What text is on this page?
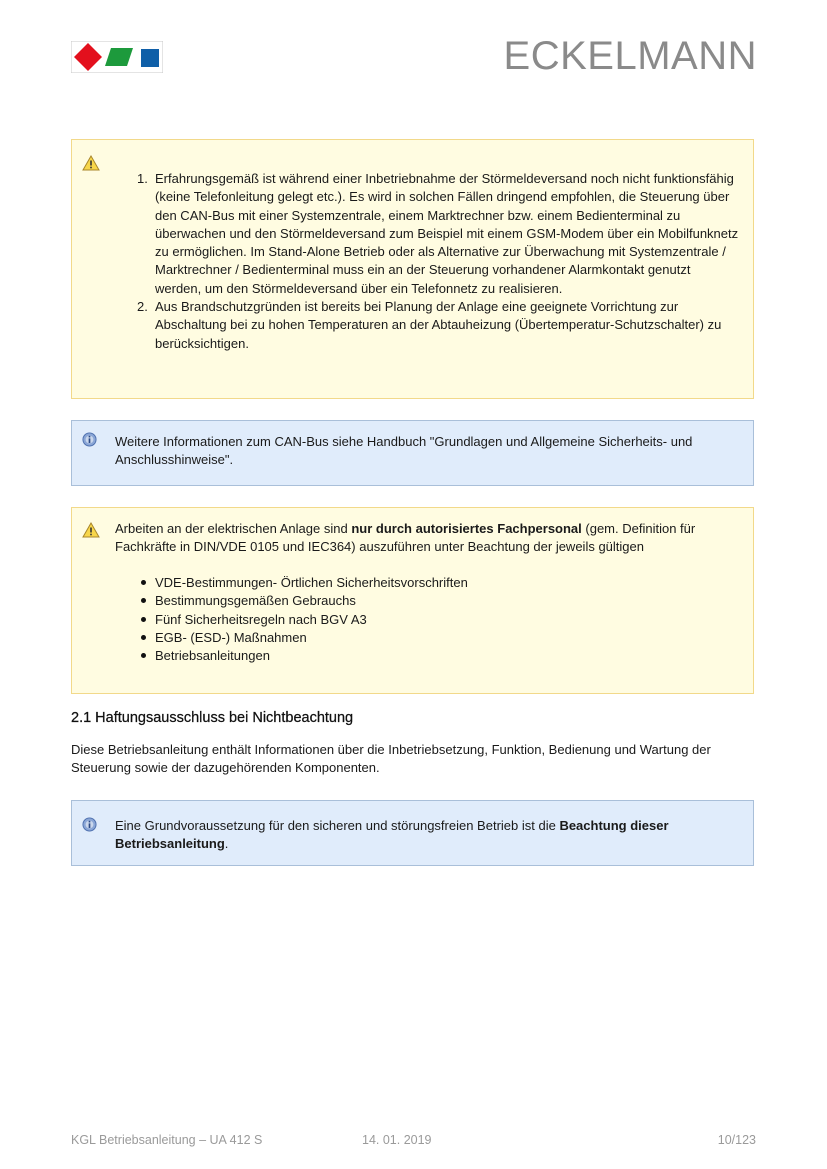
ECKELMANN
1. Erfahrungsgemäß ist während einer Inbetriebnahme der Störmeldeversand noch nicht funktionsfähig (keine Telefonleitung gelegt etc.). Es wird in solchen Fällen dringend empfohlen, die Steuerung über den CAN-Bus mit einer Systemzentrale, einem Marktrechner bzw. einem Bedienterminal zu überwachen und den Störmeldeversand zum Beispiel mit einem GSM-Modem über ein Mobilfunknetz zu ermöglichen. Im Stand-Alone Betrieb oder als Alternative zur Überwachung mit Systemzentrale / Marktrechner / Bedienterminal muss ein an der Steuerung vorhandener Alarmkontakt genutzt werden, um den Störmeldeversand über ein Telefonnetz zu realisieren.
2. Aus Brandschutzgründen ist bereits bei Planung der Anlage eine geeignete Vorrichtung zur Abschaltung bei zu hohen Temperaturen an der Abtauheizung (Übertemperatur-Schutzschalter) zu berücksichtigen.
Weitere Informationen zum CAN-Bus siehe Handbuch "Grundlagen und Allgemeine Sicherheits- und Anschlusshinweise".
Arbeiten an der elektrischen Anlage sind nur durch autorisiertes Fachpersonal (gem. Definition für Fachkräfte in DIN/VDE 0105 und IEC364) auszuführen unter Beachtung der jeweils gültigen
VDE-Bestimmungen- Örtlichen Sicherheitsvorschriften
Bestimmungsgemäßen Gebrauchs
Fünf Sicherheitsregeln nach BGV A3
EGB- (ESD-) Maßnahmen
Betriebsanleitungen
2.1 Haftungsausschluss bei Nichtbeachtung
Diese Betriebsanleitung enthält Informationen über die Inbetriebsetzung, Funktion, Bedienung und Wartung der Steuerung sowie der dazugehörenden Komponenten.
Eine Grundvoraussetzung für den sicheren und störungsfreien Betrieb ist die Beachtung dieser Betriebsanleitung.
KGL Betriebsanleitung – UA 412 S	14. 01. 2019	10/123
